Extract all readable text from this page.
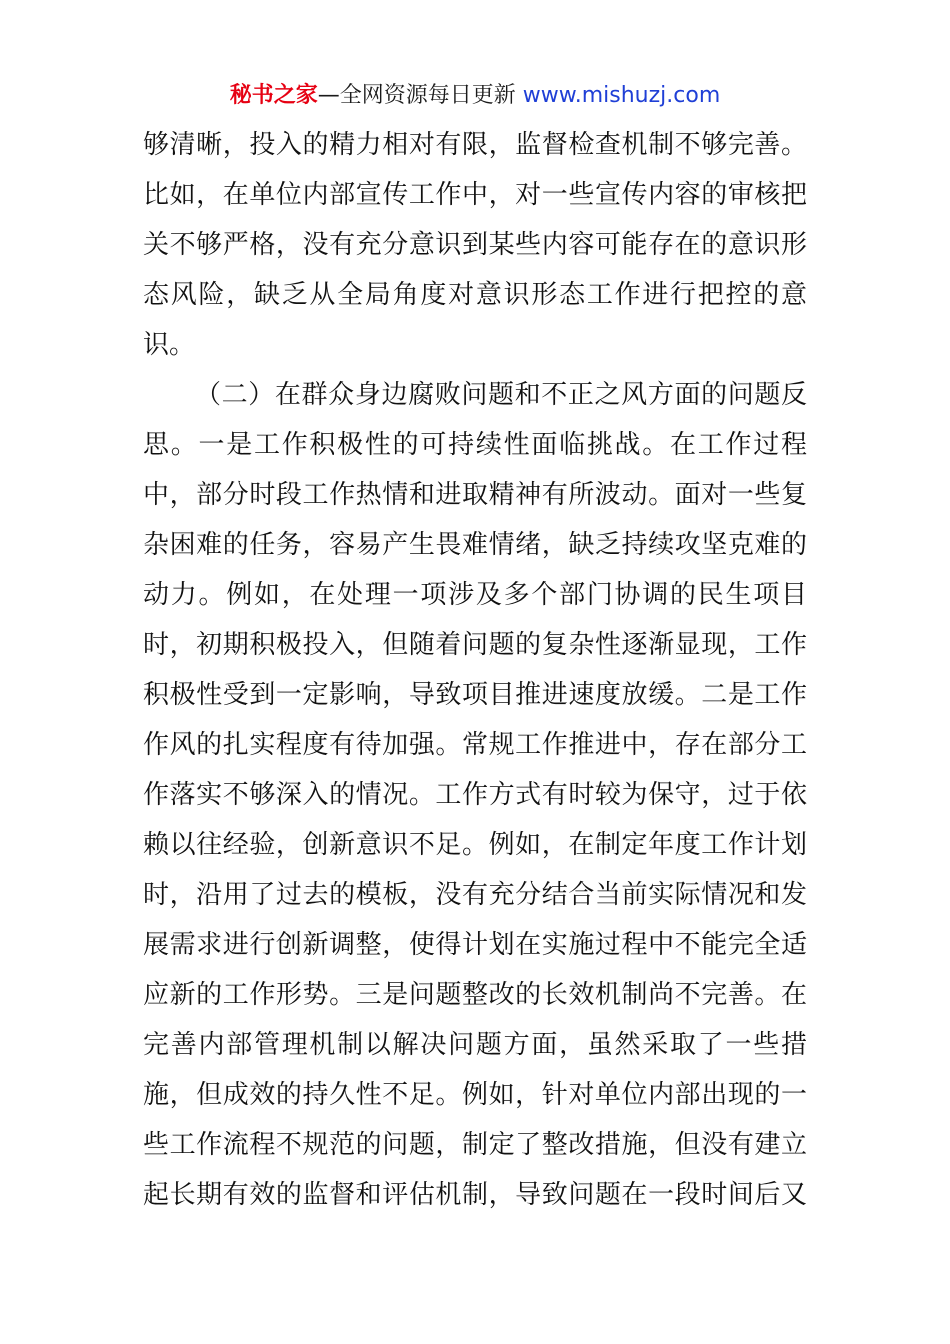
秘书之家—全网资源每日更新 www.mishuzj.com
够清晰，投入的精力相对有限，监督检查机制不够完善。
比如，在单位内部宣传工作中，对一些宣传内容的审核把
关不够严格，没有充分意识到某些内容可能存在的意识形
态风险，缺乏从全局角度对意识形态工作进行把控的意
识。
（二）在群众身边腐败问题和不正之风方面的问题反
思。一是工作积极性的可持续性面临挑战。在工作过程
中，部分时段工作热情和进取精神有所波动。面对一些复
杂困难的任务，容易产生畏难情绪，缺乏持续攻坚克难的
动力。例如，在处理一项涉及多个部门协调的民生项目
时，初期积极投入，但随着问题的复杂性逐渐显现，工作
积极性受到一定影响，导致项目推进速度放缓。二是工作
作风的扎实程度有待加强。常规工作推进中，存在部分工
作落实不够深入的情况。工作方式有时较为保守，过于依
赖以往经验，创新意识不足。例如，在制定年度工作计划
时，沿用了过去的模板，没有充分结合当前实际情况和发
展需求进行创新调整，使得计划在实施过程中不能完全适
应新的工作形势。三是问题整改的长效机制尚不完善。在
完善内部管理机制以解决问题方面，虽然采取了一些措
施，但成效的持久性不足。例如，针对单位内部出现的一
些工作流程不规范的问题，制定了整改措施，但没有建立
起长期有效的监督和评估机制，导致问题在一段时间后又
